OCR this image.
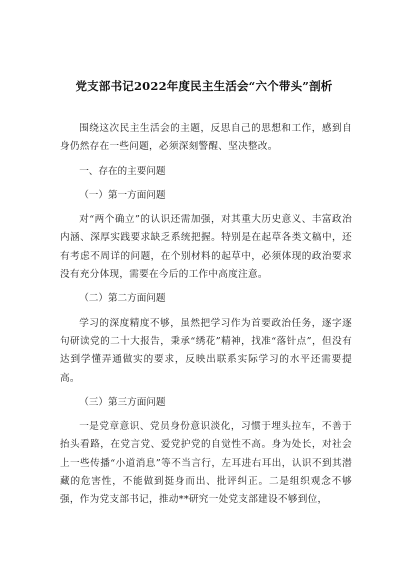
党支部书记2022年度民主生活会“六个带头”剖析

围绕这次民主生活会的主题，反思自己的思想和工作，感到自身仍然存在一些问题，必须深刻警醒、坚决整改。

一、存在的主要问题

（一）第一方面问题

对“两个确立”的认识还需加强，对其重大历史意义、丰富政治内涵、深厚实践要求缺乏系统把握。特别是在起草各类文稿中，还有考虑不周详的问题，在个别材料的起草中，必须体现的政治要求没有充分体现，需要在今后的工作中高度注意。

（二）第二方面问题

学习的深度精度不够，虽然把学习作为首要政治任务，逐字逐句研读党的二十大报告，秉承“绣花”精神，找准“落针点”，但没有达到学懂弄通做实的要求，反映出联系实际学习的水平还需要提高。

（三）第三方面问题

一是党章意识、党员身份意识淡化，习惯于埋头拉车，不善于抬头看路，在党言党、爱党护党的自觉性不高。身为处长，对社会上一些传播“小道消息”等不当言行，左耳进右耳出，认识不到其潜藏的危害性，不能做到挺身而出、批评纠正。二是组织观念不够强，作为党支部书记，推动**研究一处党支部建设不够到位，
